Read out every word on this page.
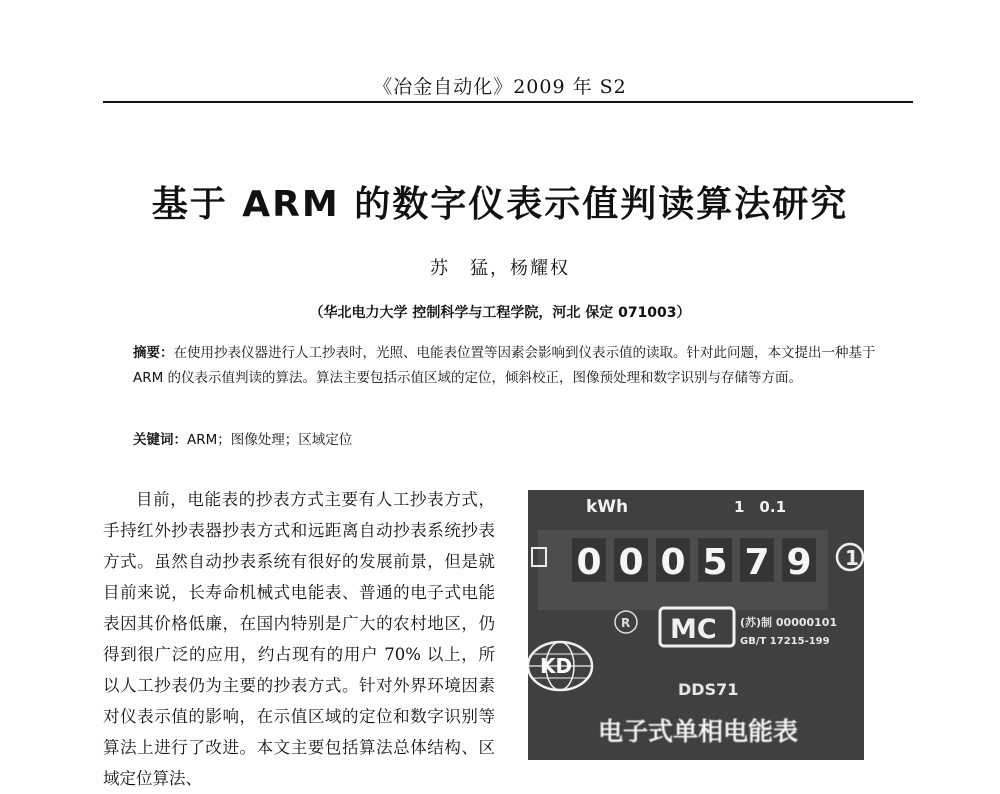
《冶金自动化》2009 年 S2
基于 ARM 的数字仪表示值判读算法研究
苏　猛，杨耀权
（华北电力大学 控制科学与工程学院，河北 保定 071003）
摘要：在使用抄表仪器进行人工抄表时，光照、电能表位置等因素会影响到仪表示值的读取。针对此问题，本文提出一种基于 ARM 的仪表示值判读的算法。算法主要包括示值区域的定位，倾斜校正，图像预处理和数字识别与存储等方面。
关键词：ARM；图像处理；区域定位
目前，电能表的抄表方式主要有人工抄表方式，手持红外抄表器抄表方式和远距离自动抄表系统抄表方式。虽然自动抄表系统有很好的发展前景，但是就目前来说，长寿命机械式电能表、普通的电子式电能表因其价格低廉，在国内特别是广大的农村地区，仍得到很广泛的应用，约占现有的用户 70% 以上，所以人工抄表仍为主要的抄表方式。针对外界环境因素对仪表示值的影响，在示值区域的定位和数字识别等算法上进行了改进。本文主要包括算法总体结构、区域定位算法、
kWh	1　0.1
0 0 0 5 7 9 1
R MC (苏)制 00000101
GB/T 17215-199
KD
DDS71
电子式单相电能表
